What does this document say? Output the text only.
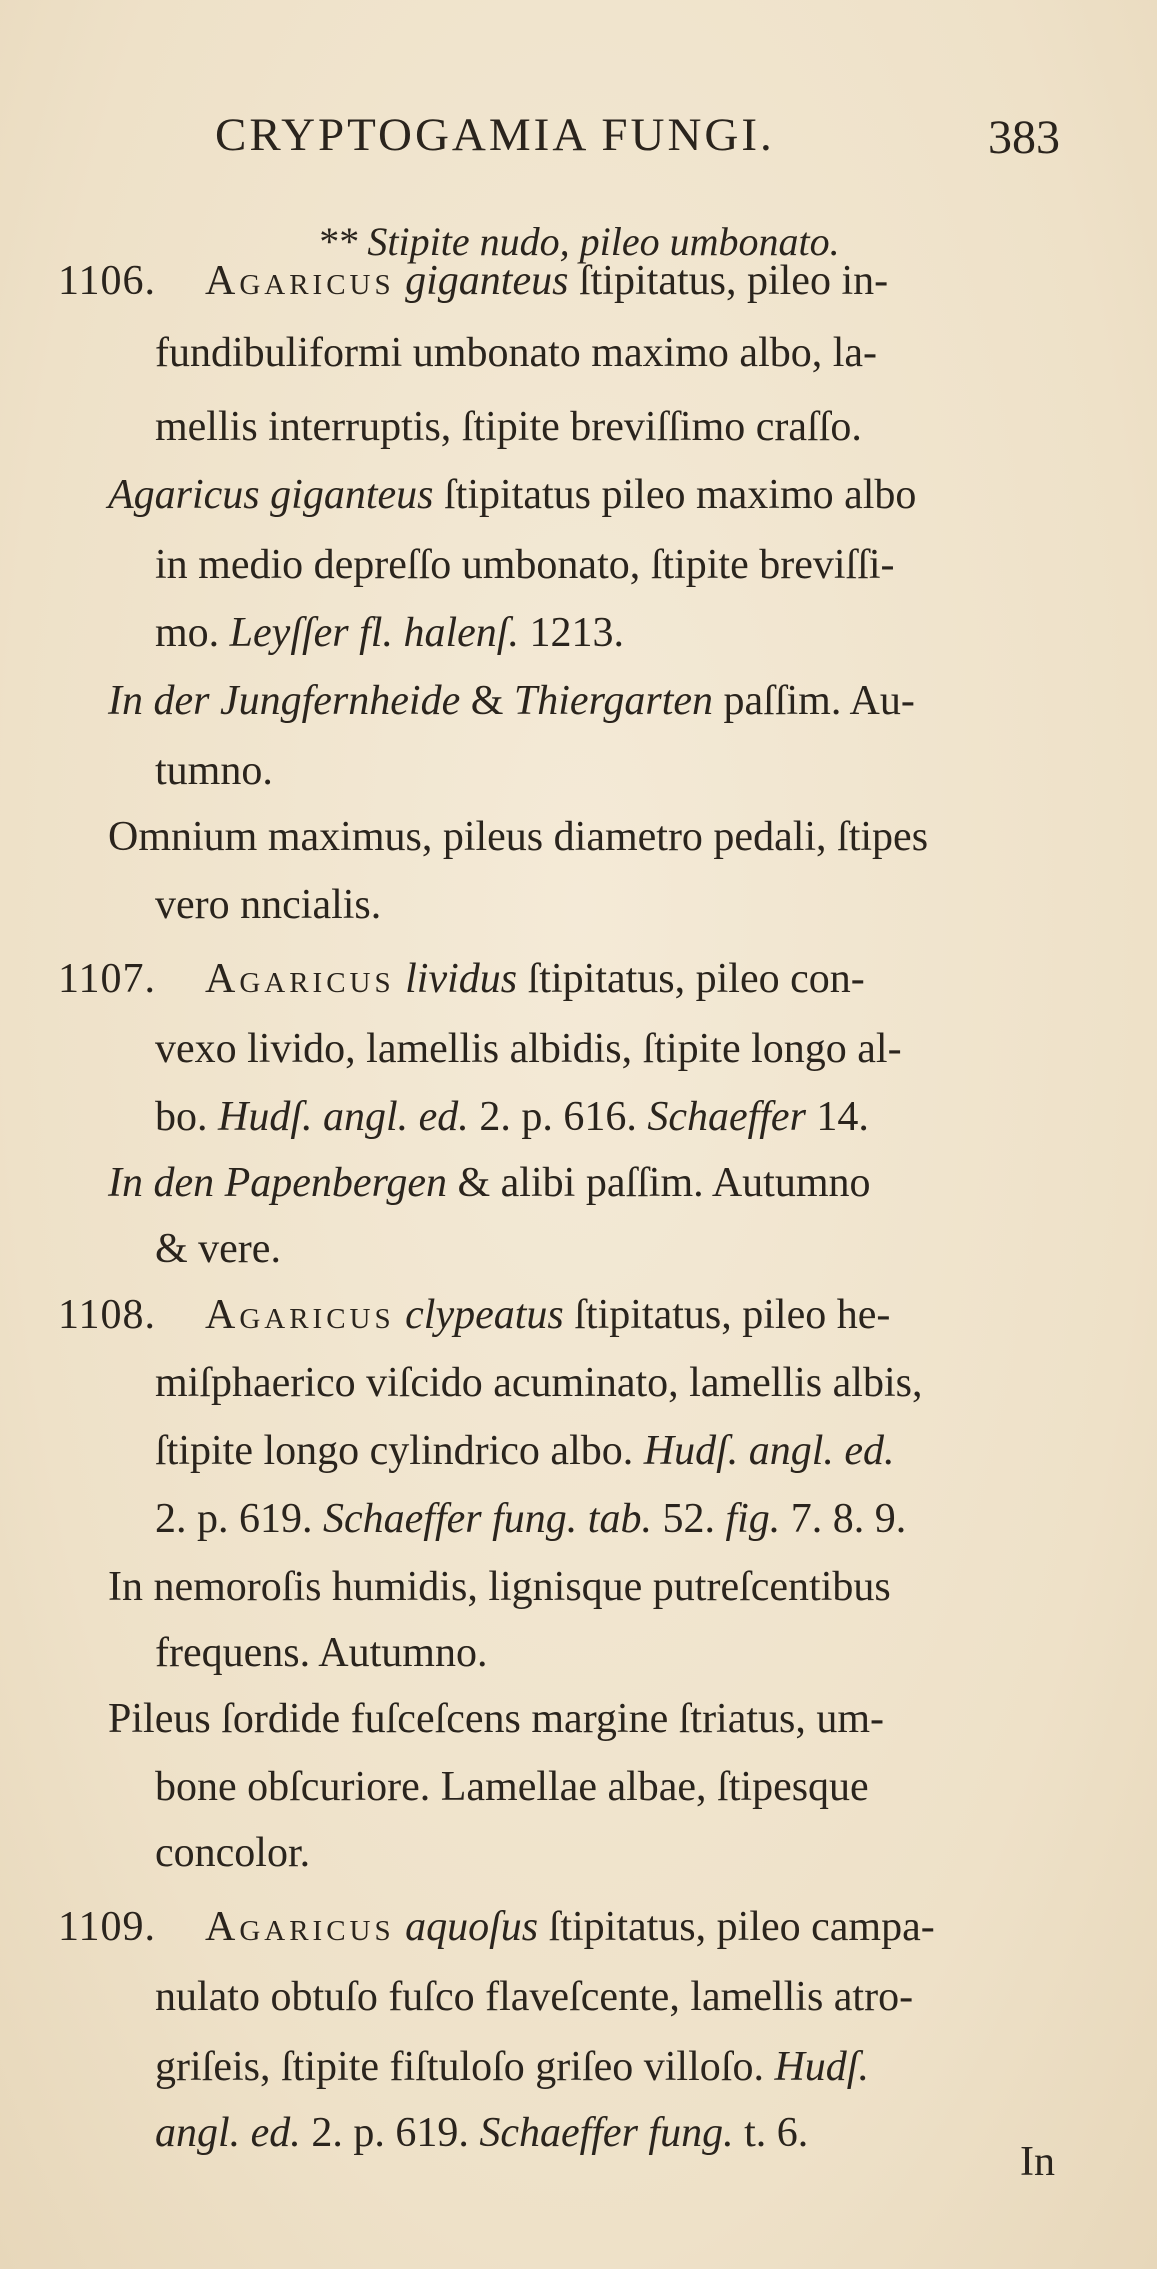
CRYPTOGAMIA FUNGI.	383
** Stipite nudo, pileo umbonato.
1106. Agaricus giganteus ſtipitatus, pileo in-
fundibuliformi umbonato maximo albo, la-
mellis interruptis, ſtipite breviſſimo craſſo.
Agaricus giganteus ſtipitatus pileo maximo albo
in medio depreſſo umbonato, ſtipite breviſſi-
mo. Leyſſer fl. halenſ. 1213.
In der Jungfernheide & Thiergarten paſſim. Au-
tumno.
Omnium maximus, pileus diametro pedali, ſtipes
vero nncialis.
1107. Agaricus lividus ſtipitatus, pileo con-
vexo livido, lamellis albidis, ſtipite longo al-
bo. Hudſ. angl. ed. 2. p. 616. Schaeffer 14.
In den Papenbergen & alibi paſſim. Autumno
& vere.
1108. Agaricus clypeatus ſtipitatus, pileo he-
miſphaerico viſcido acuminato, lamellis albis,
ſtipite longo cylindrico albo. Hudſ. angl. ed.
2. p. 619. Schaeffer fung. tab. 52. fig. 7. 8. 9.
In nemoroſis humidis, lignisque putreſcentibus
frequens. Autumno.
Pileus ſordide fuſceſcens margine ſtriatus, um-
bone obſcuriore. Lamellae albae, ſtipesque
concolor.
1109. Agaricus aquoſus ſtipitatus, pileo campa-
nulato obtuſo fuſco flaveſcente, lamellis atro-
griſeis, ſtipite fiſtuloſo griſeo villoſo. Hudſ.
angl. ed. 2. p. 619. Schaeffer fung. t. 6.
In
